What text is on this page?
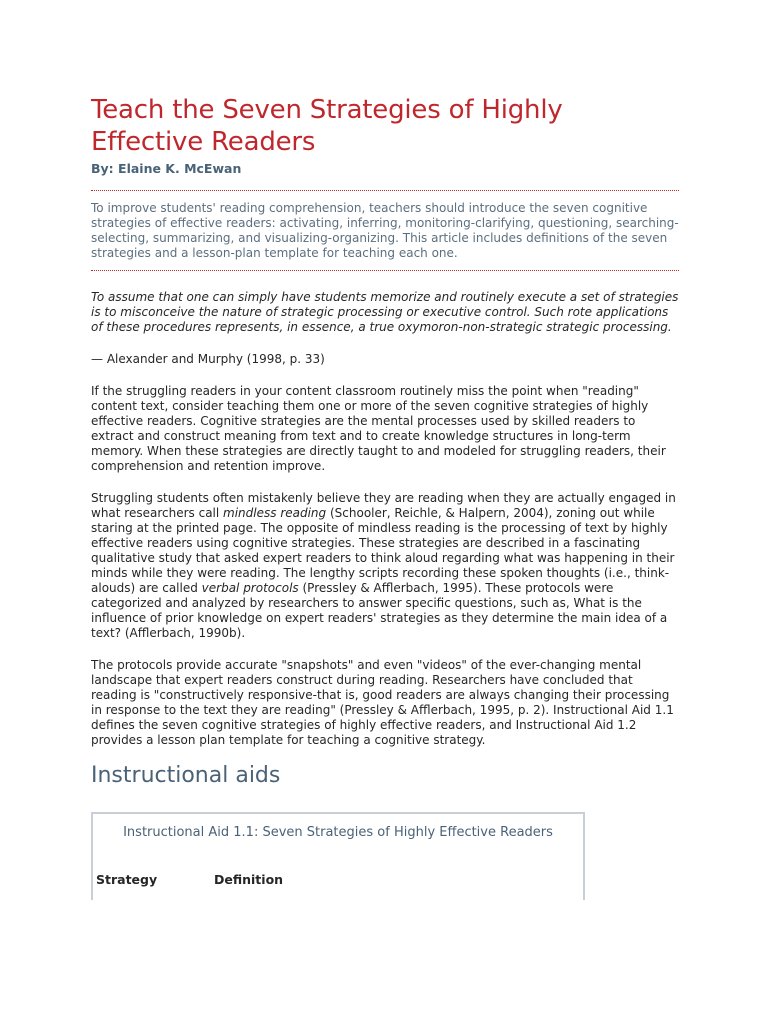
Teach the Seven Strategies of Highly Effective Readers

By: Elaine K. McEwan

To improve students' reading comprehension, teachers should introduce the seven cognitive strategies of effective readers: activating, inferring, monitoring-clarifying, questioning, searching-selecting, summarizing, and visualizing-organizing. This article includes definitions of the seven strategies and a lesson-plan template for teaching each one.

To assume that one can simply have students memorize and routinely execute a set of strategies is to misconceive the nature of strategic processing or executive control. Such rote applications of these procedures represents, in essence, a true oxymoron-non-strategic strategic processing.

— Alexander and Murphy (1998, p. 33)

If the struggling readers in your content classroom routinely miss the point when "reading" content text, consider teaching them one or more of the seven cognitive strategies of highly effective readers. Cognitive strategies are the mental processes used by skilled readers to extract and construct meaning from text and to create knowledge structures in long-term memory. When these strategies are directly taught to and modeled for struggling readers, their comprehension and retention improve.

Struggling students often mistakenly believe they are reading when they are actually engaged in what researchers call mindless reading (Schooler, Reichle, & Halpern, 2004), zoning out while staring at the printed page. The opposite of mindless reading is the processing of text by highly effective readers using cognitive strategies. These strategies are described in a fascinating qualitative study that asked expert readers to think aloud regarding what was happening in their minds while they were reading. The lengthy scripts recording these spoken thoughts (i.e., think-alouds) are called verbal protocols (Pressley & Afflerbach, 1995). These protocols were categorized and analyzed by researchers to answer specific questions, such as, What is the influence of prior knowledge on expert readers' strategies as they determine the main idea of a text? (Afflerbach, 1990b).

The protocols provide accurate "snapshots" and even "videos" of the ever-changing mental landscape that expert readers construct during reading. Researchers have concluded that reading is "constructively responsive-that is, good readers are always changing their processing in response to the text they are reading" (Pressley & Afflerbach, 1995, p. 2). Instructional Aid 1.1 defines the seven cognitive strategies of highly effective readers, and Instructional Aid 1.2 provides a lesson plan template for teaching a cognitive strategy.

Instructional aids
Instructional Aid 1.1: Seven Strategies of Highly Effective Readers
Strategy	Definition
